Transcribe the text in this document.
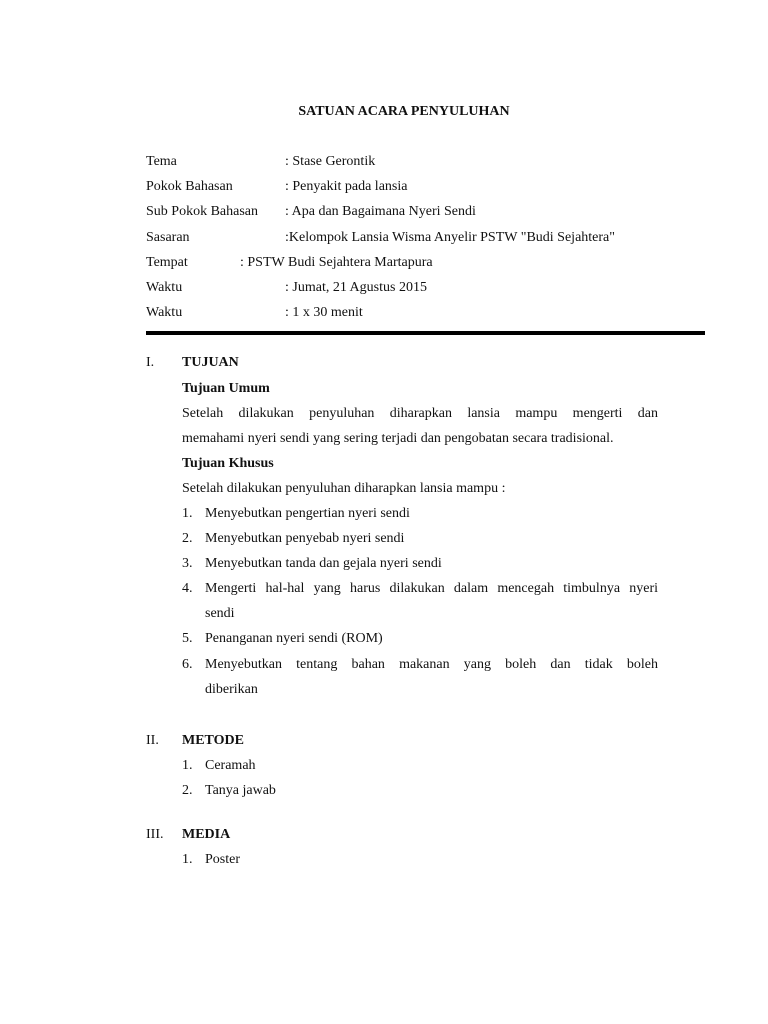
SATUAN ACARA PENYULUHAN
Tema	: Stase Gerontik
Pokok Bahasan	: Penyakit pada lansia
Sub Pokok Bahasan : Apa dan Bagaimana Nyeri Sendi
Sasaran	:Kelompok Lansia Wisma Anyelir PSTW "Budi Sejahtera"
Tempat	: PSTW Budi Sejahtera Martapura
Waktu	: Jumat, 21 Agustus 2015
Waktu	: 1 x 30 menit
I. TUJUAN
Tujuan Umum
Setelah dilakukan penyuluhan diharapkan lansia mampu mengerti dan
memahami nyeri sendi yang sering terjadi dan pengobatan secara tradisional.
Tujuan Khusus
Setelah dilakukan penyuluhan diharapkan lansia mampu :
1. Menyebutkan pengertian nyeri sendi
2. Menyebutkan penyebab nyeri sendi
3. Menyebutkan tanda dan gejala nyeri sendi
4. Mengerti hal-hal yang harus dilakukan dalam mencegah timbulnya nyeri
sendi
5. Penanganan nyeri sendi (ROM)
6. Menyebutkan tentang bahan makanan yang boleh dan tidak boleh
diberikan
II. METODE
1. Ceramah
2. Tanya jawab
III. MEDIA
1. Poster
